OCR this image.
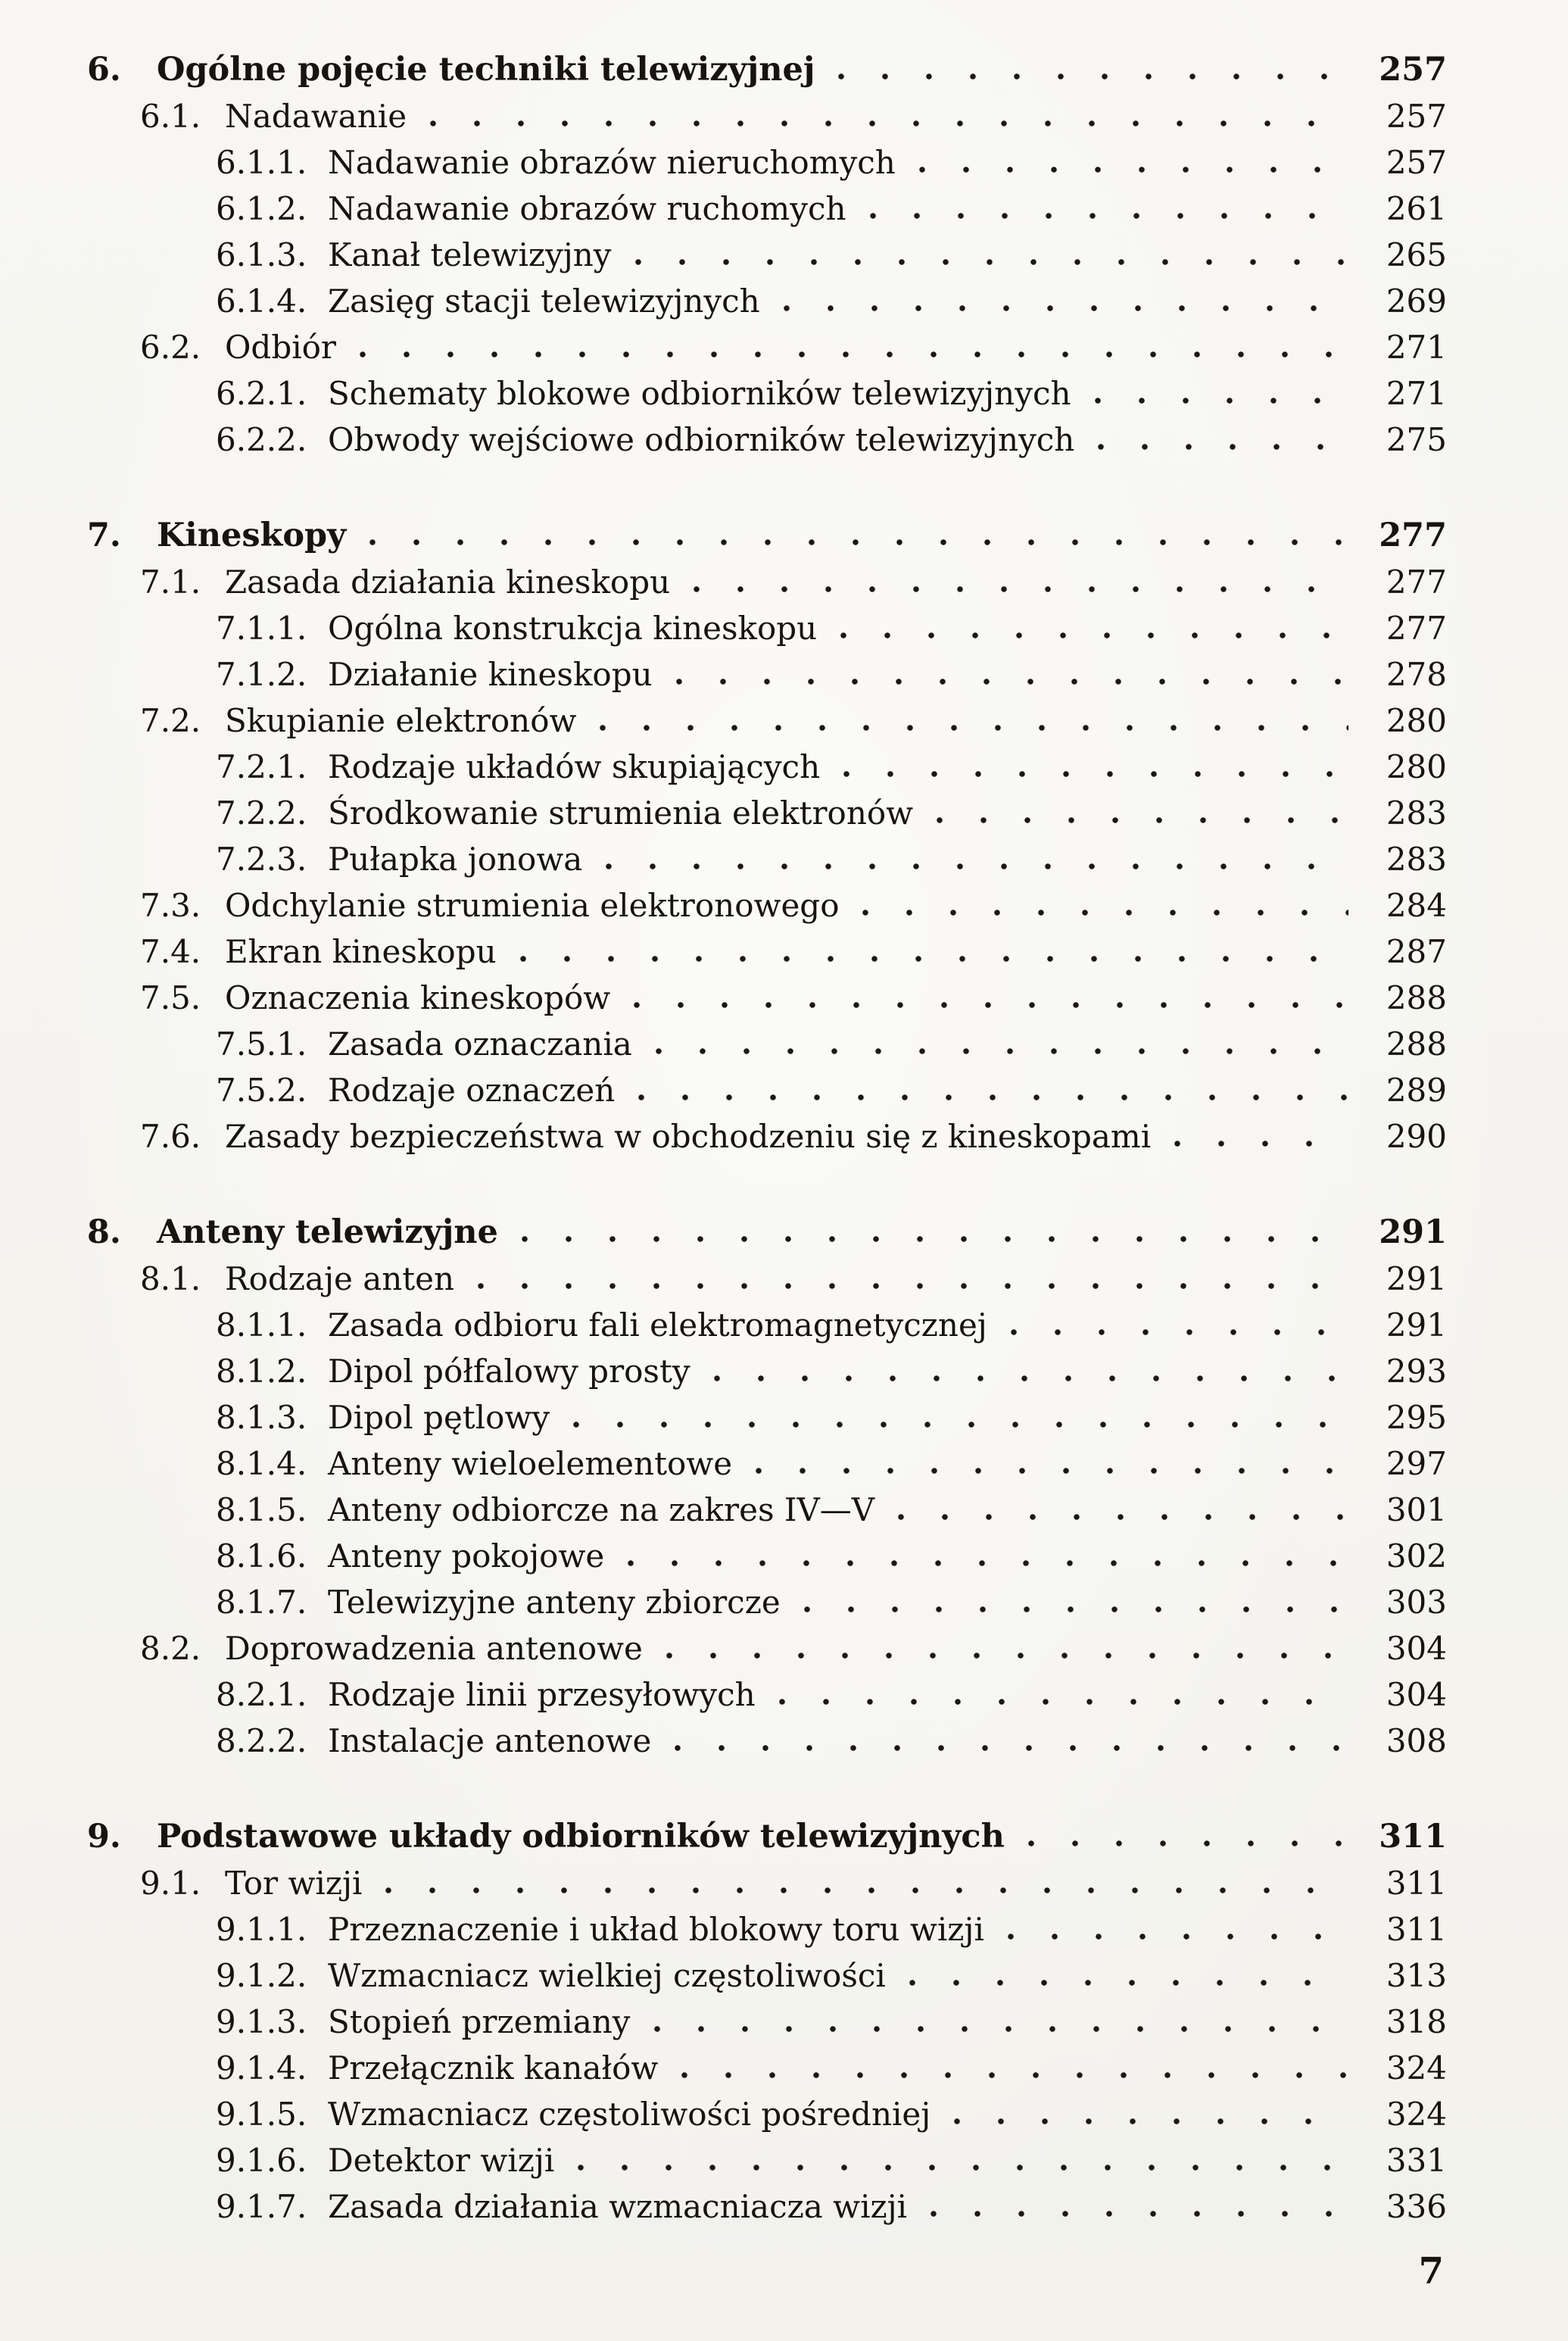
6.	Ogólne pojęcie techniki telewizyjnej	257
6.1. Nadawanie	257
6.1.1. Nadawanie obrazów nieruchomych	257
6.1.2. Nadawanie obrazów ruchomych	261
6.1.3. Kanał telewizyjny	265
6.1.4. Zasięg stacji telewizyjnych	269
6.2. Odbiór	271
6.2.1. Schematy blokowe odbiorników telewizyjnych	271
6.2.2. Obwody wejściowe odbiorników telewizyjnych	275
7.	Kineskopy	277
7.1. Zasada działania kineskopu	277
7.1.1. Ogólna konstrukcja kineskopu	277
7.1.2. Działanie kineskopu	278
7.2. Skupianie elektronów	280
7.2.1. Rodzaje układów skupiających	280
7.2.2. Środkowanie strumienia elektronów	283
7.2.3. Pułapka jonowa	283
7.3. Odchylanie strumienia elektronowego	284
7.4. Ekran kineskopu	287
7.5. Oznaczenia kineskopów	288
7.5.1. Zasada oznaczania	288
7.5.2. Rodzaje oznaczeń	289
7.6. Zasady bezpieczeństwa w obchodzeniu się z kineskopami	290
8.	Anteny telewizyjne	291
8.1. Rodzaje anten	291
8.1.1. Zasada odbioru fali elektromagnetycznej	291
8.1.2. Dipol półfalowy prosty	293
8.1.3. Dipol pętlowy	295
8.1.4. Anteny wieloelementowe	297
8.1.5. Anteny odbiorcze na zakres IV—V	301
8.1.6. Anteny pokojowe	302
8.1.7. Telewizyjne anteny zbiorcze	303
8.2. Doprowadzenia antenowe	304
8.2.1. Rodzaje linii przesyłowych	304
8.2.2. Instalacje antenowe	308
9.	Podstawowe układy odbiorników telewizyjnych	311
9.1. Tor wizji	311
9.1.1. Przeznaczenie i układ blokowy toru wizji	311
9.1.2. Wzmacniacz wielkiej częstoliwości	313
9.1.3. Stopień przemiany	318
9.1.4. Przełącznik kanałów	324
9.1.5. Wzmacniacz częstoliwości pośredniej	324
9.1.6. Detektor wizji	331
9.1.7. Zasada działania wzmacniacza wizji	336
7
